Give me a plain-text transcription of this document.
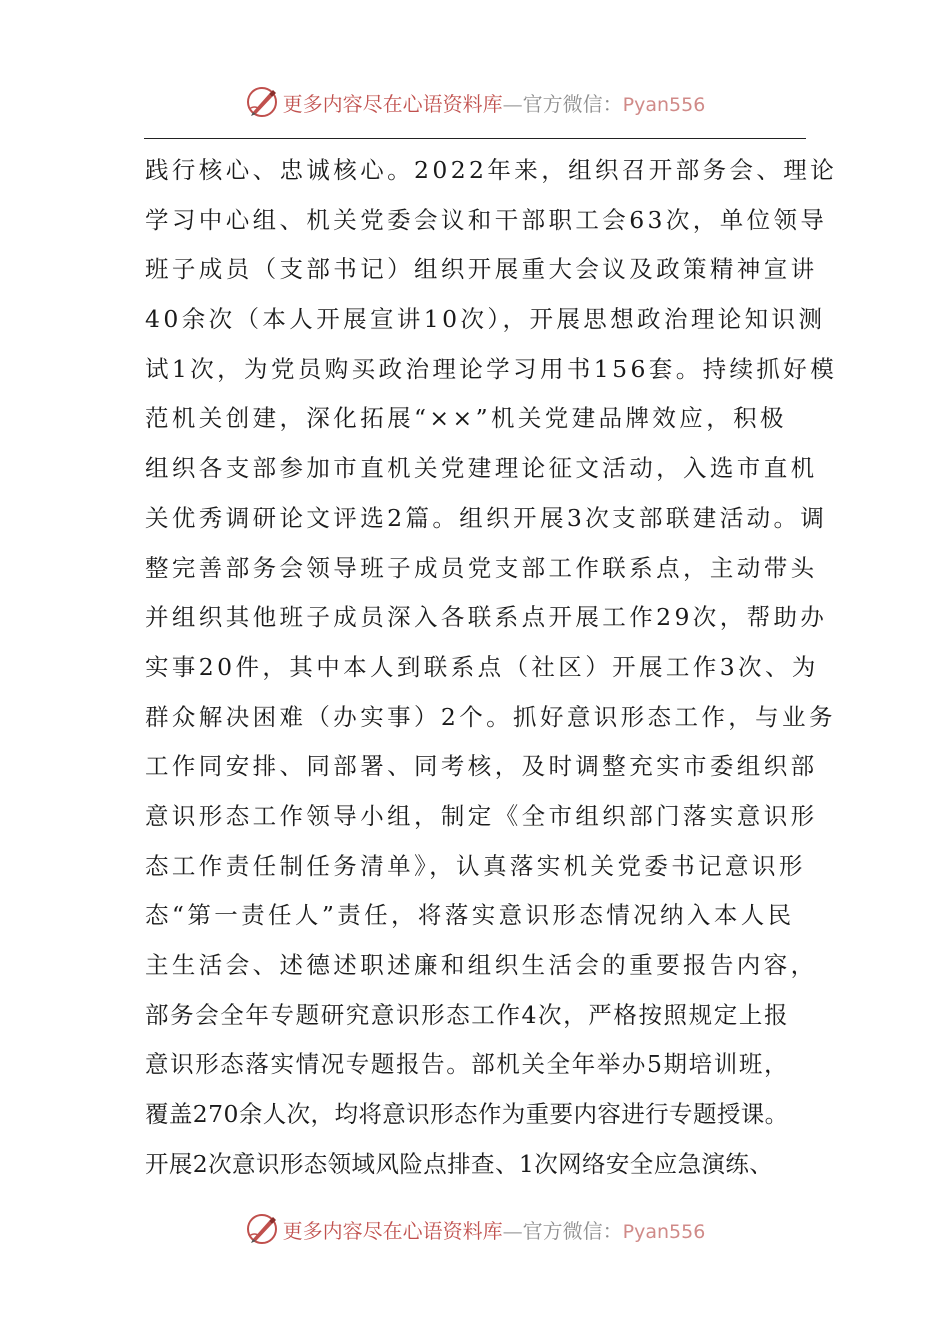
更多内容尽在心语资料库—官方微信：Pyan556
践行核心、忠诚核心。2022年来，组织召开部务会、理论
学习中心组、机关党委会议和干部职工会63次，单位领导
班子成员（支部书记）组织开展重大会议及政策精神宣讲
40余次（本人开展宣讲10次），开展思想政治理论知识测
试1次，为党员购买政治理论学习用书156套。持续抓好模
范机关创建，深化拓展“××”机关党建品牌效应，积极
组织各支部参加市直机关党建理论征文活动，入选市直机
关优秀调研论文评选2篇。组织开展3次支部联建活动。调
整完善部务会领导班子成员党支部工作联系点，主动带头
并组织其他班子成员深入各联系点开展工作29次，帮助办
实事20件，其中本人到联系点（社区）开展工作3次、为
群众解决困难（办实事）2个。抓好意识形态工作，与业务
工作同安排、同部署、同考核，及时调整充实市委组织部
意识形态工作领导小组，制定《全市组织部门落实意识形
态工作责任制任务清单》，认真落实机关党委书记意识形
态“第一责任人”责任，将落实意识形态情况纳入本人民
主生活会、述德述职述廉和组织生活会的重要报告内容，
部务会全年专题研究意识形态工作4次，严格按照规定上报
意识形态落实情况专题报告。部机关全年举办5期培训班，
覆盖270余人次，均将意识形态作为重要内容进行专题授课。
开展2次意识形态领域风险点排查、1次网络安全应急演练、
更多内容尽在心语资料库—官方微信：Pyan556
